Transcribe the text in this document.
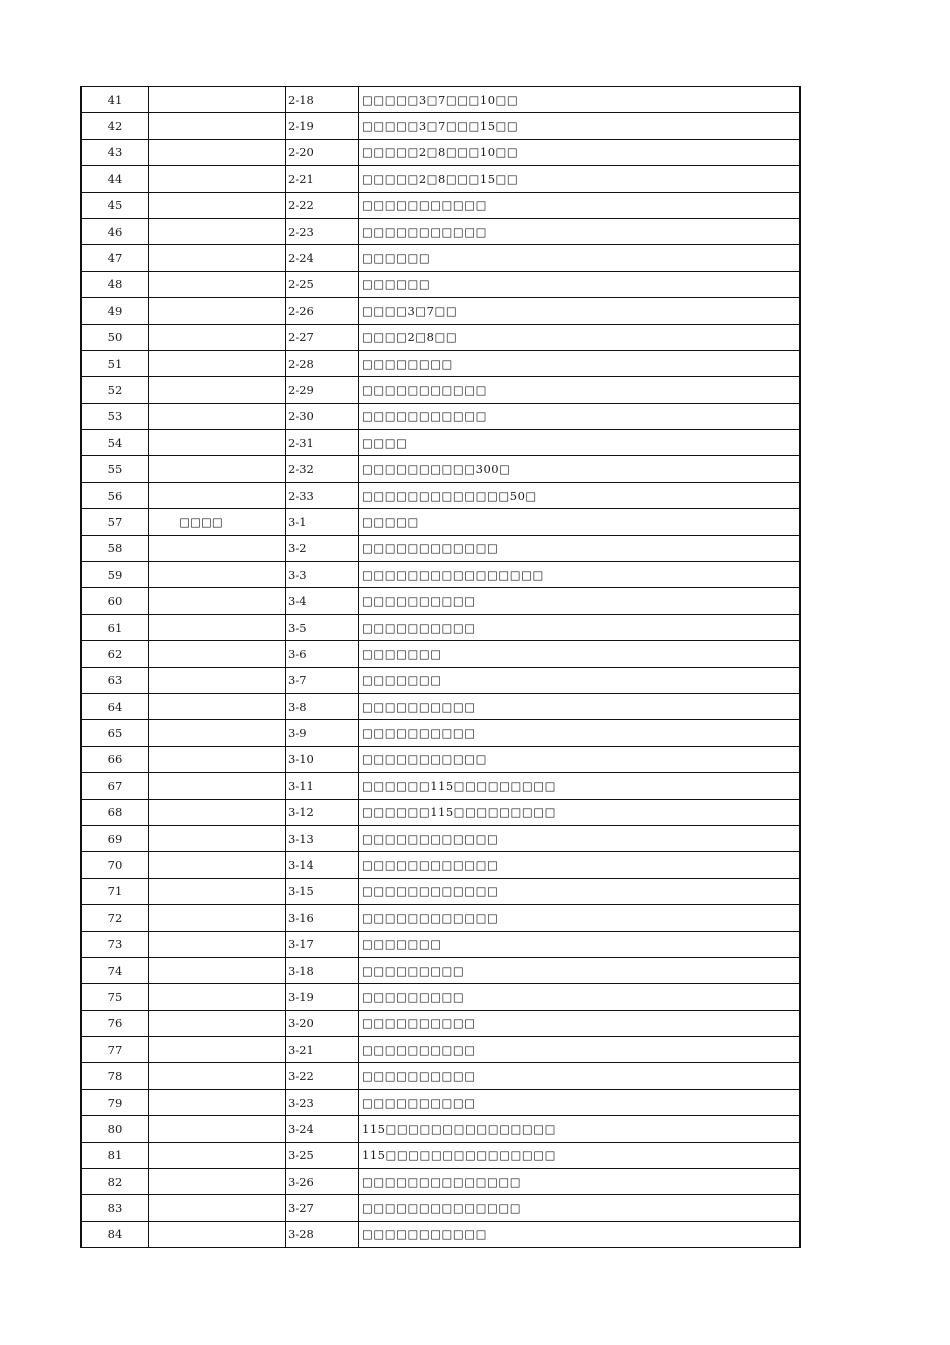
41		2-18	□□□□□3□7□□□10□□
42		2-19	□□□□□3□7□□□15□□
43		2-20	□□□□□2□8□□□10□□
44		2-21	□□□□□2□8□□□15□□
45		2-22	□□□□□□□□□□□
46		2-23	□□□□□□□□□□□
47		2-24	□□□□□□
48		2-25	□□□□□□
49		2-26	□□□□3□7□□
50		2-27	□□□□2□8□□
51		2-28	□□□□□□□□
52		2-29	□□□□□□□□□□□
53		2-30	□□□□□□□□□□□
54		2-31	□□□□
55		2-32	□□□□□□□□□□300□
56		2-33	□□□□□□□□□□□□□50□
57	□□□□	3-1	□□□□□
58		3-2	□□□□□□□□□□□□
59		3-3	□□□□□□□□□□□□□□□□
60		3-4	□□□□□□□□□□
61		3-5	□□□□□□□□□□
62		3-6	□□□□□□□
63		3-7	□□□□□□□
64		3-8	□□□□□□□□□□
65		3-9	□□□□□□□□□□
66		3-10	□□□□□□□□□□□
67		3-11	□□□□□□115□□□□□□□□□
68		3-12	□□□□□□115□□□□□□□□□
69		3-13	□□□□□□□□□□□□
70		3-14	□□□□□□□□□□□□
71		3-15	□□□□□□□□□□□□
72		3-16	□□□□□□□□□□□□
73		3-17	□□□□□□□
74		3-18	□□□□□□□□□
75		3-19	□□□□□□□□□
76		3-20	□□□□□□□□□□
77		3-21	□□□□□□□□□□
78		3-22	□□□□□□□□□□
79		3-23	□□□□□□□□□□
80		3-24	115□□□□□□□□□□□□□□□
81		3-25	115□□□□□□□□□□□□□□□
82		3-26	□□□□□□□□□□□□□□
83		3-27	□□□□□□□□□□□□□□
84		3-28	□□□□□□□□□□□
